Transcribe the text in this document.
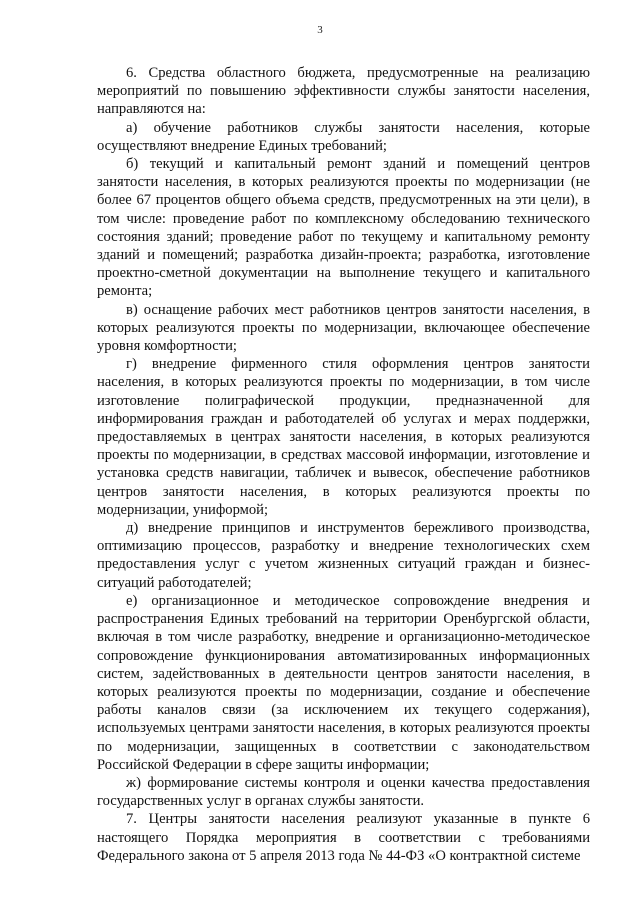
3

6. Средства областного бюджета, предусмотренные на реализацию мероприятий по повышению эффективности службы занятости населения, направляются на:

а) обучение работников службы занятости населения, которые осуществляют внедрение Единых требований;

б) текущий и капитальный ремонт зданий и помещений центров занятости населения, в которых реализуются проекты по модернизации (не более 67 процентов общего объема средств, предусмотренных на эти цели), в том числе: проведение работ по комплексному обследованию технического состояния зданий; проведение работ по текущему и капитальному ремонту зданий и помещений; разработка дизайн-проекта; разработка, изготовление проектно-сметной документации на выполнение текущего и капитального ремонта;

в) оснащение рабочих мест работников центров занятости населения, в которых реализуются проекты по модернизации, включающее обеспечение уровня комфортности;

г) внедрение фирменного стиля оформления центров занятости населения, в которых реализуются проекты по модернизации, в том числе изготовление полиграфической продукции, предназначенной для информирования граждан и работодателей об услугах и мерах поддержки, предоставляемых в центрах занятости населения, в которых реализуются проекты по модернизации, в средствах массовой информации, изготовление и установка средств навигации, табличек и вывесок, обеспечение работников центров занятости населения, в которых реализуются проекты по модернизации, униформой;

д) внедрение принципов и инструментов бережливого производства, оптимизацию процессов, разработку и внедрение технологических схем предоставления услуг с учетом жизненных ситуаций граждан и бизнес-ситуаций работодателей;

е) организационное и методическое сопровождение внедрения и распространения Единых требований на территории Оренбургской области, включая в том числе разработку, внедрение и организационно-методическое сопровождение функционирования автоматизированных информационных систем, задействованных в деятельности центров занятости населения, в которых реализуются проекты по модернизации, создание и обеспечение работы каналов связи (за исключением их текущего содержания), используемых центрами занятости населения, в которых реализуются проекты по модернизации, защищенных в соответствии с законодательством Российской Федерации в сфере защиты информации;

ж) формирование системы контроля и оценки качества предоставления государственных услуг в органах службы занятости.

7. Центры занятости населения реализуют указанные в пункте 6 настоящего Порядка мероприятия в соответствии с требованиями Федерального закона от 5 апреля 2013 года № 44-ФЗ «О контрактной системе
